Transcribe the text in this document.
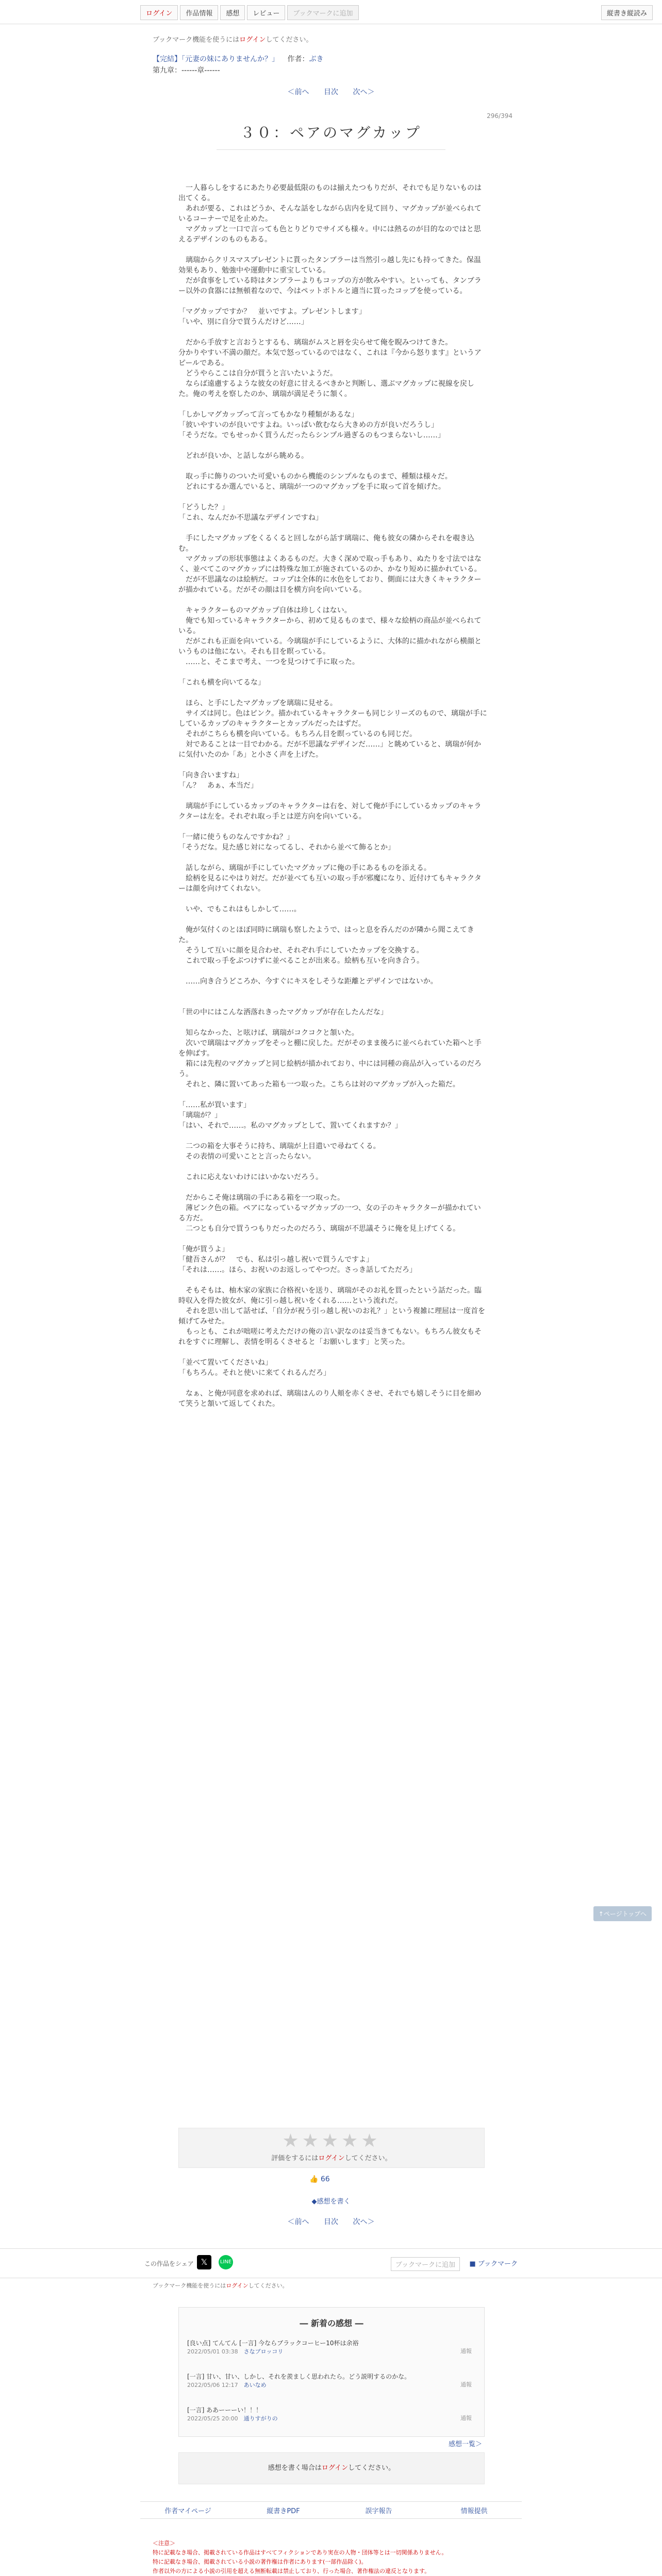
ログイン	作品情報	感想	レビュー	ブックマークに追加	縦書き縦読み
ブックマーク機能を使うにはログインしてください。
【完結】「元妻の妹にありませんか？」 作者：ぶき
第九章：------章------
＜前へ 目次 次へ＞
296/394
３０：ペアのマグカップ

　一人暮らしをするにあたり必要最低限のものは揃えたつもりだが、それでも足りないものは出てくる。

　あれが要る、これはどうか、そんな話をしながら店内を見て回り、マグカップが並べられているコーナーで足を止めた。

　マグカップと一口で言っても色とりどりでサイズも様々。中には熱るのが目的なのではと思えるデザインのものもある。

　璃瑞からクリスマスプレゼントに貰ったタンブラーは当然引っ越し先にも持ってきた。保温効果もあり、勉強中や運動中に重宝している。

　だが食事をしている時はタンブラーよりもコップの方が飲みやすい。といっても、タンブラー以外の食器には無頓着なので、今はペットボトルと適当に買ったコップを使っている。

「マグカップですか？　並いですよ。プレゼントします」

「いや、別に自分で買うんだけど……」

　だから手放すと言おうとするも、璃瑞がムスと唇を尖らせて俺を睨みつけてきた。

分かりやすい不満の顔だ。本気で怒っているのではなく、これは『今から怒ります』というアピールである。

　どうやらここは自分が買うと言いたいようだ。

　ならば遠慮するような彼女の好意に甘えるべきかと判断し、選ぶマグカップに視線を戻した。俺の考えを察したのか、璃瑞が満足そうに頷く。

「しかしマグカップって言ってもかなり種類があるな」

「彼いやすいのが良いですよね。いっぱい飲むなら大きめの方が良いだろうし」

「そうだな。でもせっかく買うんだったらシンプル過ぎるのもつまらないし……」

　どれが良いか、と話しながら眺める。

　取っ手に飾りのついた可愛いものから機能のシンプルなものまで、種類は様々だ。

　どれにするか選んでいると、璃瑞が一つのマグカップを手に取って首を傾げた。

「どうした？」

「これ、なんだか不思議なデザインですね」

　手にしたマグカップをくるくると回しながら話す璃瑞に、俺も彼女の隣からそれを覗き込む。

　マグカップの形状事態はよくあるものだ。大きく深めで取っ手もあり、ぬたりを寸法ではなく、並べてこのマグカップには特殊な加工が施されているのか、かなり短めに描かれている。

　だが不思議なのは絵柄だ。コップは全体的に水色をしており、側面には大きくキャラクターが描かれている。だがその顔は目を横方向を向いている。

　キャラクターものマグカップ自体は珍しくはない。

　俺でも知っているキャラクターから、初めて見るものまで、様々な絵柄の商品が並べられている。

　だがこれも正面を向いている。今璃瑞が手にしているように、大体的に描かれながら横顔というものは他にない。それも目を瞑っている。

　……と、そこまで考え、一つを見つけて手に取った。

「これも横を向いてるな」

　ほら、と手にしたマグカップを璃瑞に見せる。

　サイズは同じ。色はピンク。描かれているキャラクターも同じシリーズのもので、璃瑞が手にしているカップのキャラクターとカップルだったはずだ。

　それがこちらも横を向いている。もちろん目を瞑っているのも同じだ。

　対であることは一目でわかる。だが不思議なデザインだ……」と眺めていると、璃瑞が何かに気付いたのか「あ」と小さく声を上げた。

「向き合いますね」

「ん？　あぁ、本当だ」

　璃瑞が手にしているカップのキャラクターは右を、対して俺が手にしているカップのキャラクターは左を。それぞれ取っ手とは逆方向を向いている。

「一緒に使うものなんですかね？」

「そうだな。見た感じ対になってるし、それから並べて飾るとか」

　話しながら、璃瑞が手にしていたマグカップに俺の手にあるものを添える。

　絵柄を見るにやはり対だ。だが並べても互いの取っ手が邪魔になり、近付けてもキャラクターは顔を向けてくれない。

　いや、でもこれはもしかして……。

　俺が気付くのとほぼ同時に璃瑞も察したようで、はっと息を呑んだのが隣から聞こえてきた。

　そうして互いに顔を見合わせ、それぞれ手にしていたカップを交換する。

　これで取っ手をぶつけずに並べることが出来る。絵柄も互いを向き合う。

　……向き合うどころか、今すぐにキスをしそうな距離とデザインではないか。

「世の中にはこんな洒落れきったマグカップが存在したんだな」

　知らなかった、と呟けば、璃瑞がコクコクと頷いた。

　次いで璃瑞はマグカップをそっと棚に戻した。だがそのまま後ろに並べられていた箱へと手を伸ばす。

　箱には先程のマグカップと同じ絵柄が描かれており、中には同種の商品が入っているのだろう。

　それと、隣に置いてあった箱も一つ取った。こちらは対のマグカップが入った箱だ。

「……私が買います」

「璃瑞が？」

「はい、それで……。私のマグカップとして、置いてくれますか？」

　二つの箱を大事そうに持ち、璃瑞が上目遣いで尋ねてくる。

　その表情の可愛いことと言ったらない。

　これに応えないわけにはいかないだろう。

　だからこそ俺は璃瑞の手にある箱を一つ取った。

　薄ピンク色の箱。ペアになっているマグカップの一つ、女の子のキャラクターが描かれている方だ。

　二つとも自分で買うつもりだったのだろう、璃瑞が不思議そうに俺を見上げてくる。

「俺が買うよ」

「健吾さんが？　でも、私は引っ越し祝いで買うんですよ」

「それは……。ほら、お祝いのお返しってやつだ。さっき話してただろ」

　そもそもは、柚木家の家族に合格祝いを送り、璃瑞がそのお礼を買ったという話だった。臨時収入を得た彼女が、俺に引っ越し祝いをくれる……という流れだ。

　それを思い出して話せば、「自分が祝う引っ越し祝いのお礼？」という複雑に理屈は一度首を傾げてみせた。

　もっとも、これが咄嗟に考えただけの俺の言い訳なのは妥当きてもない。もちろん彼女もそれをすぐに理解し、表情を明るくさせると「お願いします」と笑った。

「並べて置いてくださいね」

「もちろん。それと使いに来てくれるんだろ」

　なぁ、と俺が同意を求めれば、璃瑞はんのり人頬を赤くさせ、それでも嬉しそうに目を細めて笑うと頷いて返してくれた。

★★★★★
評価をするにはログインしてください。
👍 66
◆感想を書く
＜前へ 目次 次へ＞
この作品をシェア 𝕏	LINE	ブックマークに追加	■ ブックマーク
ブックマーク機能を使うにはログインしてください。
― 新着の感想 ―
[良い点] てんてん [一言] 今ならブラックコーヒー10杯は余裕
2022/05/01 03:38　 さなブロッコリ	通報
[一言] 甘い、甘い、しかし、それを羨ましく思われたら。どう説明するのかな。
2022/05/06 12:17　 あいなめ	通報
[一言] ああーーーい！！！
2022/05/25 20:00　 通りすがりの	通報
感想一覧＞
感想を書く場合はログインしてください。
作者マイページ	縦書きPDF	誤字報告	情報提供
＜注意＞
特に記載なき場合、掲載されている作品はすべてフィクションであり実在の人物・団体等とは一切関係ありません。
特に記載なき場合、掲載されている小説の著作権は作者にあります(一部作品除く)。
作者以外の方による小説の引用を超える無断転載は禁止しており、行った場合、著作権法の違反となります。
↑ページトップへ
